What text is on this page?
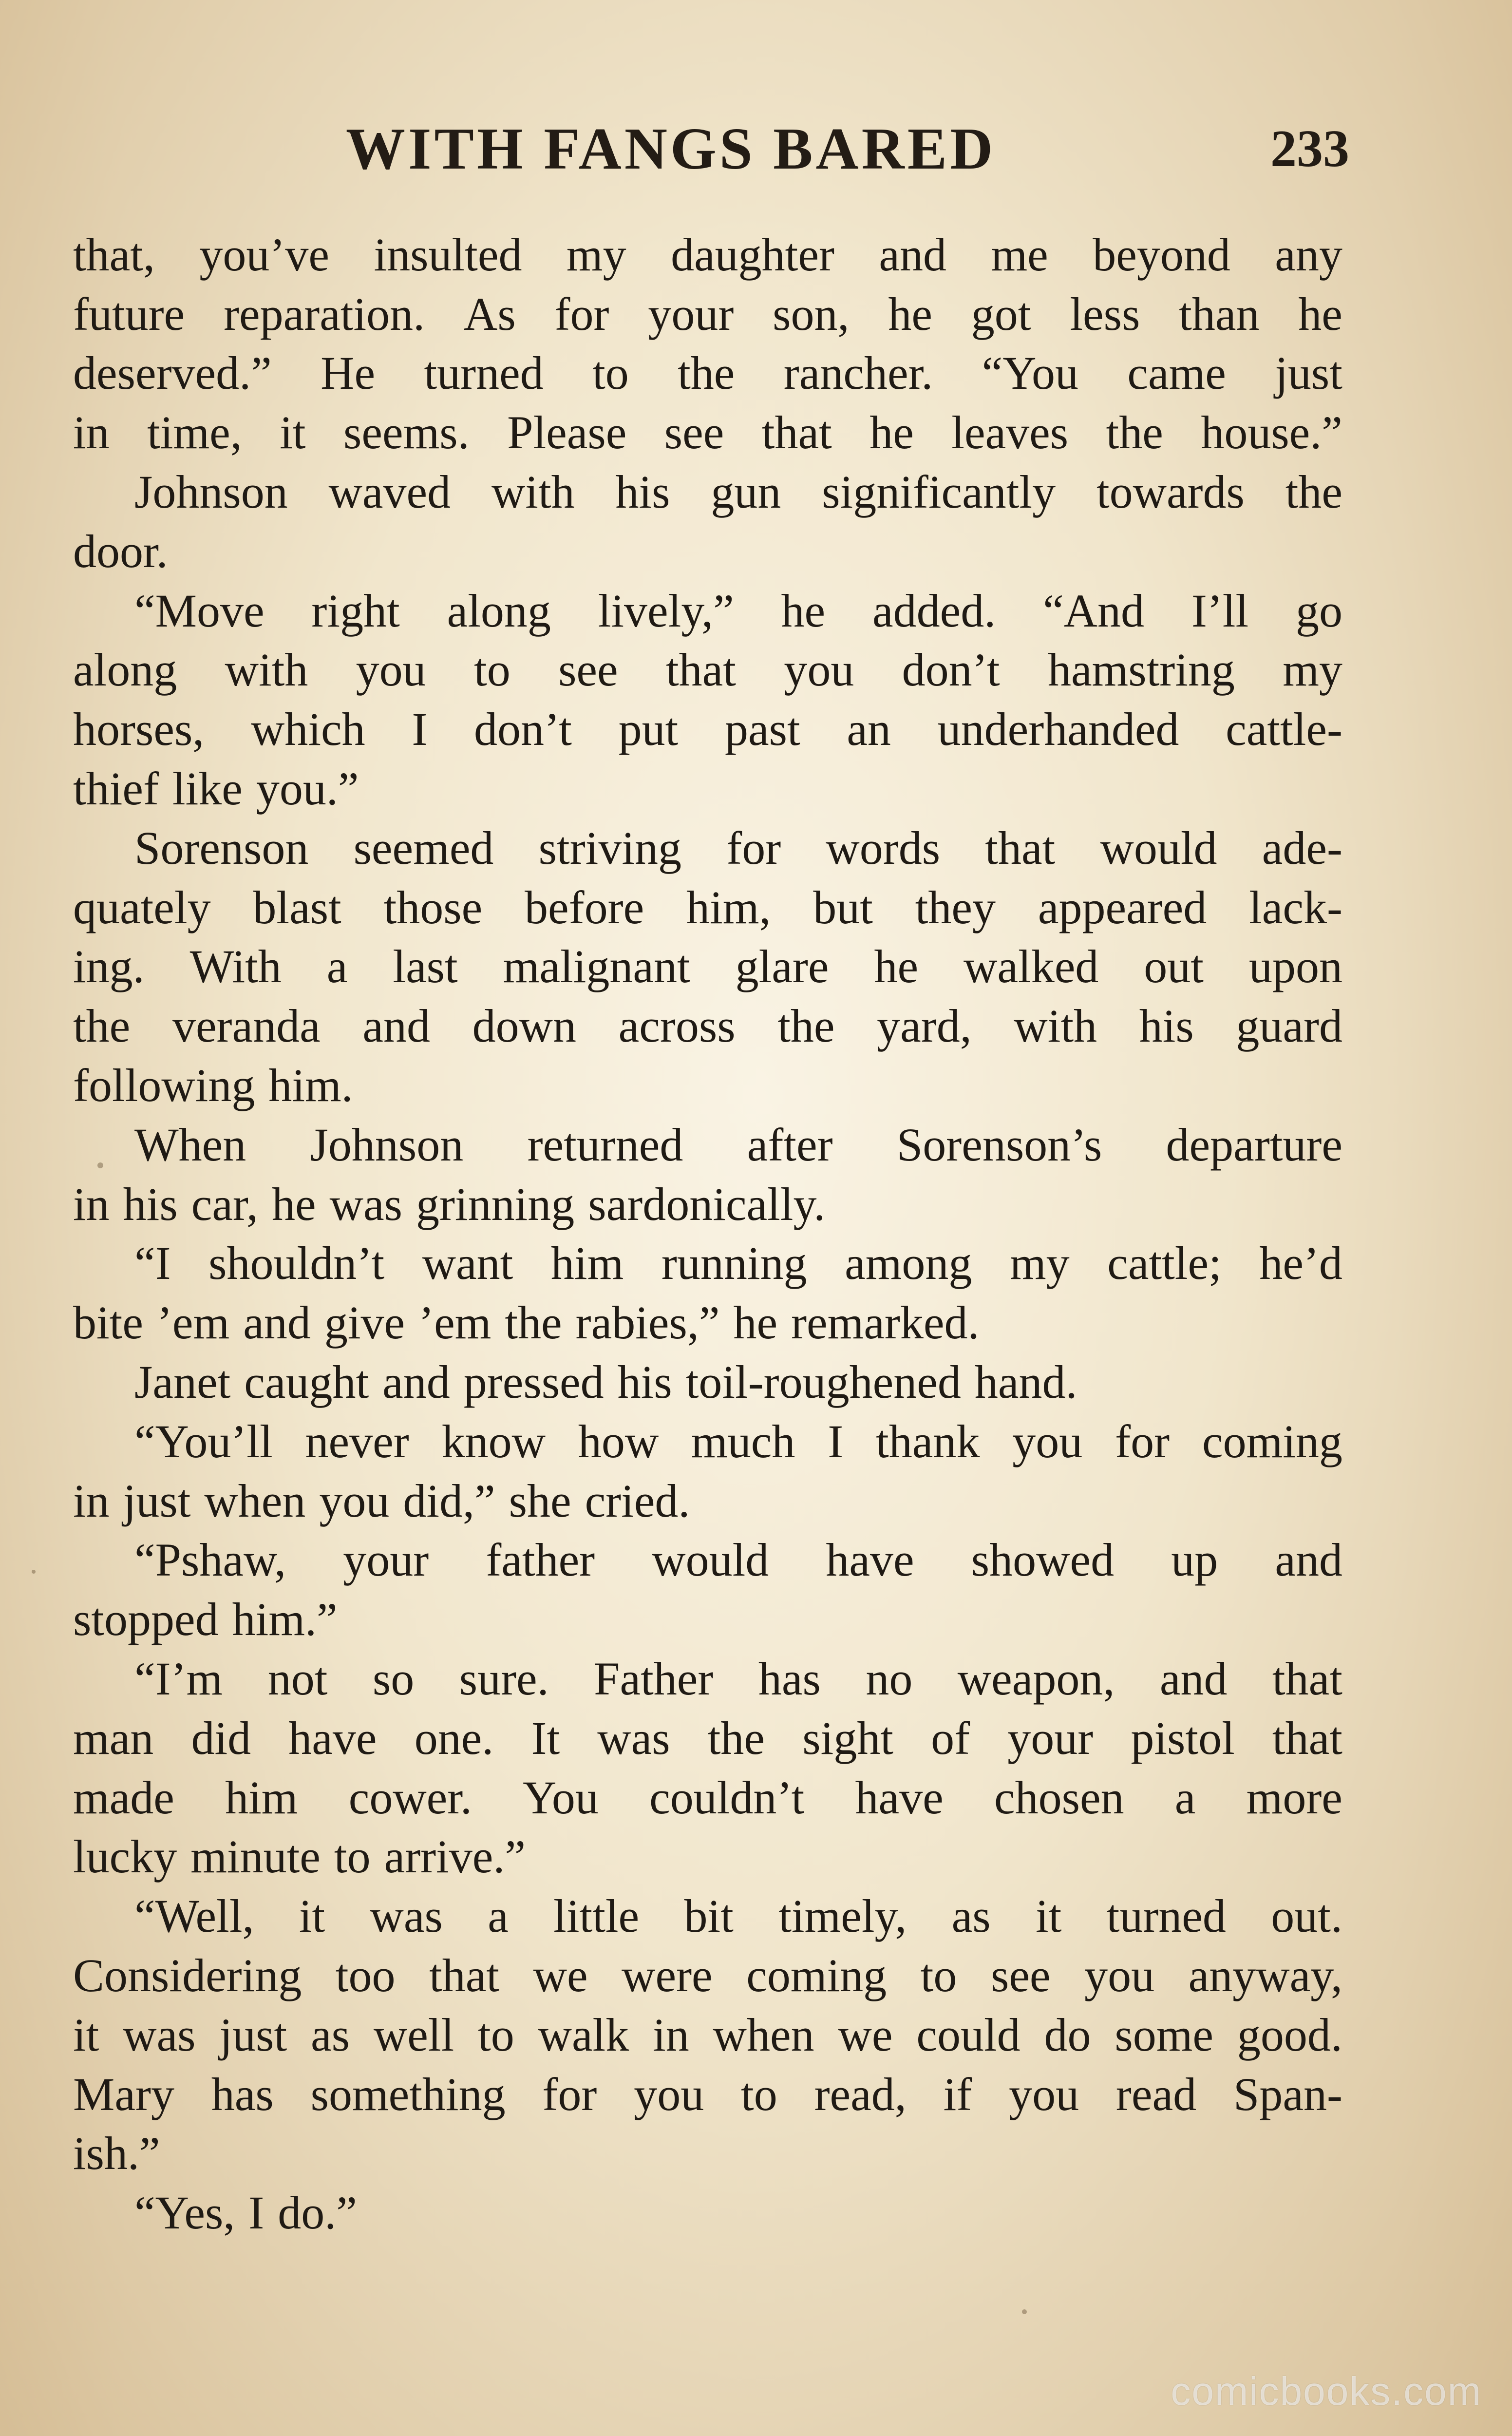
WITH FANGS BARED	233
that, you’ve insulted my daughter and me beyond any
future reparation. As for your son, he got less than he
deserved.” He turned to the rancher. “You came just
in time, it seems. Please see that he leaves the house.”
Johnson waved with his gun significantly towards the
door.
“Move right along lively,” he added. “And I’ll go
along with you to see that you don’t hamstring my
horses, which I don’t put past an underhanded cattle-
thief like you.”
Sorenson seemed striving for words that would ade-
quately blast those before him, but they appeared lack-
ing. With a last malignant glare he walked out upon
the veranda and down across the yard, with his guard
following him.
When Johnson returned after Sorenson’s departure
in his car, he was grinning sardonically.
“I shouldn’t want him running among my cattle; he’d
bite ’em and give ’em the rabies,” he remarked.
Janet caught and pressed his toil-roughened hand.
“You’ll never know how much I thank you for coming
in just when you did,” she cried.
“Pshaw, your father would have showed up and
stopped him.”
“I’m not so sure. Father has no weapon, and that
man did have one. It was the sight of your pistol that
made him cower. You couldn’t have chosen a more
lucky minute to arrive.”
“Well, it was a little bit timely, as it turned out.
Considering too that we were coming to see you anyway,
it was just as well to walk in when we could do some good.
Mary has something for you to read, if you read Span-
ish.”
“Yes, I do.”
comicbooks.com
